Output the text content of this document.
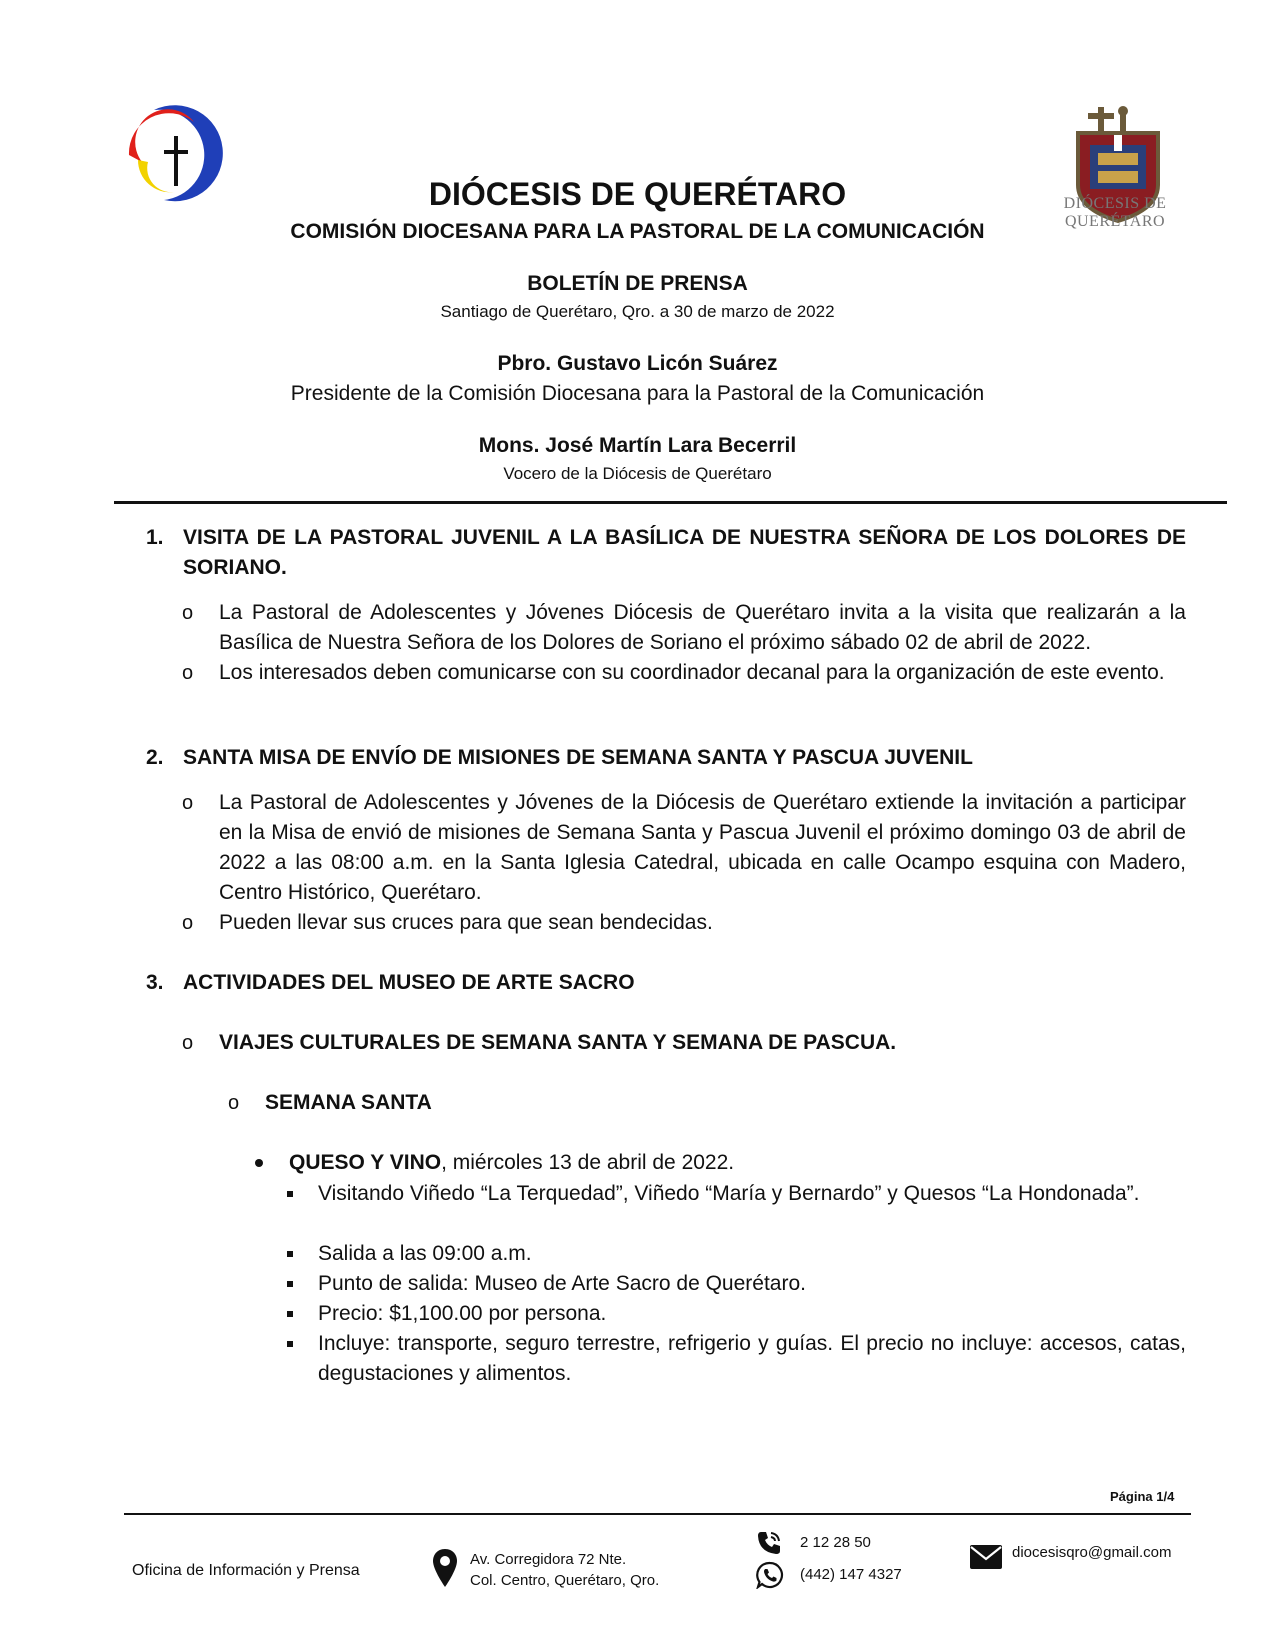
DIÓCESIS DE
QUERÉTARO
DIÓCESIS DE QUERÉTARO
COMISIÓN DIOCESANA PARA LA PASTORAL DE LA COMUNICACIÓN
BOLETÍN DE PRENSA
Santiago de Querétaro, Qro. a 30 de marzo de 2022
Pbro. Gustavo Licón Suárez
Presidente de la Comisión Diocesana para la Pastoral de la Comunicación
Mons. José Martín Lara Becerril
Vocero de la Diócesis de Querétaro
1. VISITA DE LA PASTORAL JUVENIL A LA BASÍLICA DE NUESTRA SEÑORA DE LOS DOLORES DE SORIANO.
o La Pastoral de Adolescentes y Jóvenes Diócesis de Querétaro invita a la visita que realizarán a la Basílica de Nuestra Señora de los Dolores de Soriano el próximo sábado 02 de abril de 2022.
o Los interesados deben comunicarse con su coordinador decanal para la organización de este evento.
2. SANTA MISA DE ENVÍO DE MISIONES DE SEMANA SANTA Y PASCUA JUVENIL
o La Pastoral de Adolescentes y Jóvenes de la Diócesis de Querétaro extiende la invitación a participar en la Misa de envió de misiones de Semana Santa y Pascua Juvenil el próximo domingo 03 de abril de 2022 a las 08:00 a.m. en la Santa Iglesia Catedral, ubicada en calle Ocampo esquina con Madero, Centro Histórico, Querétaro.
o Pueden llevar sus cruces para que sean bendecidas.
3. ACTIVIDADES DEL MUSEO DE ARTE SACRO
o VIAJES CULTURALES DE SEMANA SANTA Y SEMANA DE PASCUA.
o SEMANA SANTA
QUESO Y VINO, miércoles 13 de abril de 2022.
Visitando Viñedo “La Terquedad”, Viñedo “María y Bernardo” y Quesos “La Hondonada”.
Salida a las 09:00 a.m.
Punto de salida: Museo de Arte Sacro de Querétaro.
Precio: $1,100.00 por persona.
Incluye: transporte, seguro terrestre, refrigerio y guías. El precio no incluye: accesos, catas, degustaciones y alimentos.
Página 1/4
Oficina de Información y Prensa
Av. Corregidora 72 Nte.
Col. Centro, Querétaro, Qro.
2 12 28 50
(442) 147 4327
diocesisqro@gmail.com
